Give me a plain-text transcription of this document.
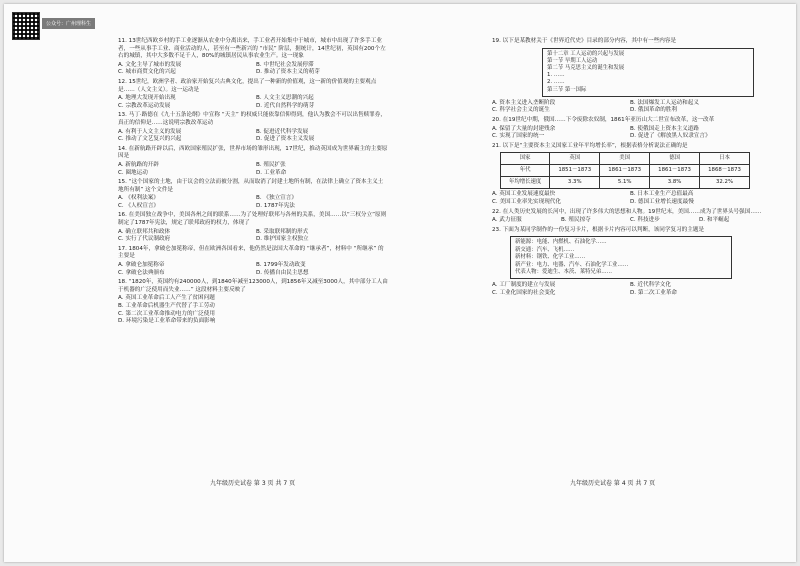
公众号：广州理科生
11. 13世纪西欧乡村的手工业逐渐从农业中分离出来，手工业者开始集中于城市，城市中出现了许多手工业者，一些从事手工业、商业活动的人，甚至有一些新兴的 “市民” 阶层，据统计，14世纪初，英国有200个左右的城镇，其中大多数不足千人，80%的城镇居民从事农业生产。这一现象
A. 文化主导了城市的发展	B. 中世纪社会发展停滞
C. 城市商贸文化的兴起	D. 推动了资本主义的萌芽
12. 15世纪，欧洲学者、政治家开始复兴古典文化，提出了一种新的价值观，这一新的价值观的主要观点是……（人文主义）。这一运动是
A. 地理大发现开始出现	B. 人文主义思潮的兴起
C. 宗教改革运动发展	D. 近代自然科学的萌芽
13. 马丁·路德在《九十五条论纲》中宣称 “天主” 的权威只能依靠信仰得到，他认为教会不可以出售赎罪券，真正的信仰是……这说明宗教改革运动
A. 有利于人文主义的发展	B. 促进近代科学发展
C. 推动了文艺复兴的兴起	D. 促进了资本主义发展
14. 在新航路开辟以后，西欧国家殖民扩张，世界市场的雏形出现，17世纪，推动英国成为世界霸主的主要原因是
A. 新航路的开辟	B. 殖民扩张
C. 圈地运动	D. 工业革命
15. “这个国家的土地，由于议会的立法而被分割，从而取消了封建土地所有制，在法律上确立了资本主义土地所有制” 这个文件是
A. 《权利法案》	B. 《独立宣言》
C. 《人权宣言》	D. 1787年宪法
16. 在美国独立战争中，美国各州之间的联系……为了处理好联邦与各州的关系，美国……以“三权分立”原则制定了1787年宪法，规定了联邦政府的权力，体现了
A. 确立联邦共和政体	B. 采取联邦制的形式
C. 实行了代议制政府	D. 维护国家主权独立
17. 1804年，拿破仑加冕称帝，但在欧洲各国看来，他仍然是法国大革命的 “继承者”，材料中 “所继承” 的主要是
A. 拿破仑加冕称帝	B. 1799年发动政变
C. 拿破仑法典颁布	D. 传播自由民主思想
18. “1820年，英国约有240000人，到1840年减至123000人，到1856年又减至3000人，其中部分工人由于机器的广泛使用而失业……” 这段材料主要反映了
A. 英国工业革命后工人产生了贫困问题
B. 工业革命后机器生产代替了手工劳动
C. 第二次工业革命推动电力的广泛使用
D. 环境污染是工业革命带来的负面影响
19. 以下是某教材关于《世界近代史》目录的部分内容，其中有一些内容是
第十二章 工人运动的兴起与发展
第一节 早期工人运动
第二节 马克思主义的诞生和发展
1. ……
2. ……
第三节 第一国际
A. 资本主义进入垄断阶段	B. 法国爆发工人运动和起义
C. 科学社会主义的诞生	D. 俄国革命的胜利
20. 在19世纪中期，俄国……下令废除农奴制，1861年亚历山大二世宣布改革，这一改革
A. 保留了大量的封建残余	B. 使俄国走上资本主义道路
C. 实现了国家的统一	D. 促进了《解放黑人奴隶宣言》
21. 以下是“主要资本主义国家工业年平均增长率”，根据表格分析说法正确的是
国家	英国	美国	德国	日本
年代	1851－1873	1861－1873	1861－1873	1868－1873
年均增长速度	3.3%	5.1%	3.8%	32.2%
A. 英国工业发展速度最快	B. 日本工业生产总值最高
C. 美国工业率先实现现代化	D. 德国工业增长速度最慢
22. 在人类历史发展的长河中，出现了许多伟大的思想和人物。19世纪末，美国……成为了世界头号强国……
A. 武力征服	B. 殖民掠夺	C. 科技进步	D. 和平崛起
23. 下面为某同学制作的一份复习卡片，根据卡片内容可以判断，该同学复习的主题是
新能源：电能、内燃机、石油化学……
新交通：汽车、飞机……
新材料：钢铁、化学工业……
新产业：电力、电器、汽车、石油化学工业……
代表人物：爱迪生、本茨、莱特兄弟……
A. 工厂制度的建立与发展	B. 近代科学文化
C. 工业化国家的社会变化	D. 第二次工业革命
九年级历史试卷 第 3 页 共 7 页	九年级历史试卷 第 4 页 共 7 页
